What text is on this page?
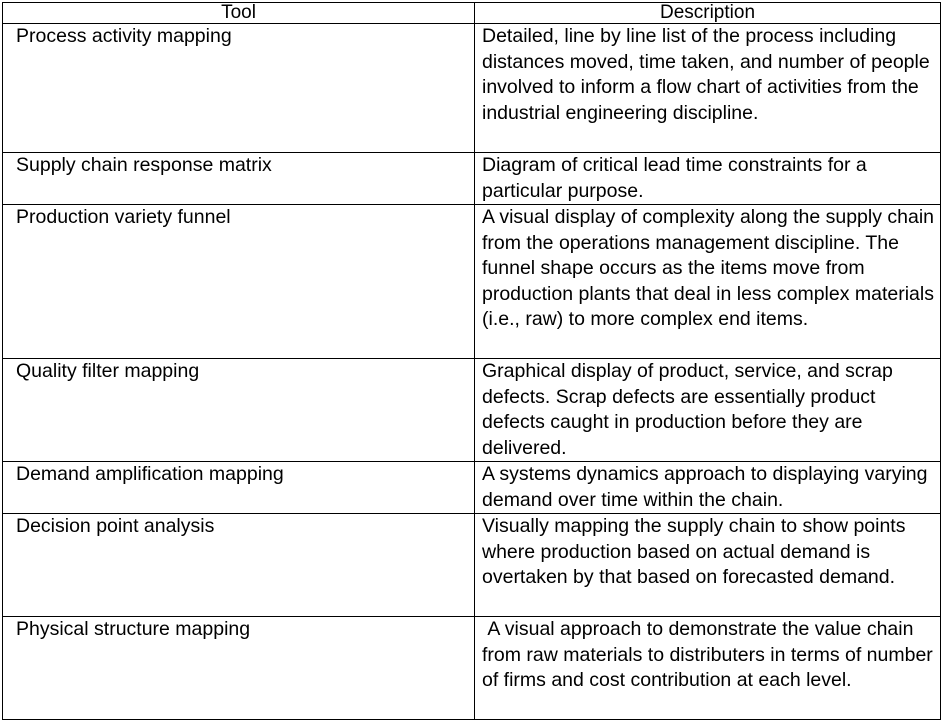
Tool	Description
Process activity mapping	Detailed, line by line list of the process including distances moved, time taken, and number of people involved to inform a flow chart of activities from the industrial engineering discipline.
Supply chain response matrix	Diagram of critical lead time constraints for a particular purpose.
Production variety funnel	A visual display of complexity along the supply chain from the operations management discipline. The funnel shape occurs as the items move from production plants that deal in less complex materials (i.e., raw) to more complex end items.
Quality filter mapping	Graphical display of product, service, and scrap defects. Scrap defects are essentially product defects caught in production before they are delivered.
Demand amplification mapping	A systems dynamics approach to displaying varying demand over time within the chain.
Decision point analysis	Visually mapping the supply chain to show points where production based on actual demand is overtaken by that based on forecasted demand.
Physical structure mapping	A visual approach to demonstrate the value chain from raw materials to distributers in terms of number of firms and cost contribution at each level.
